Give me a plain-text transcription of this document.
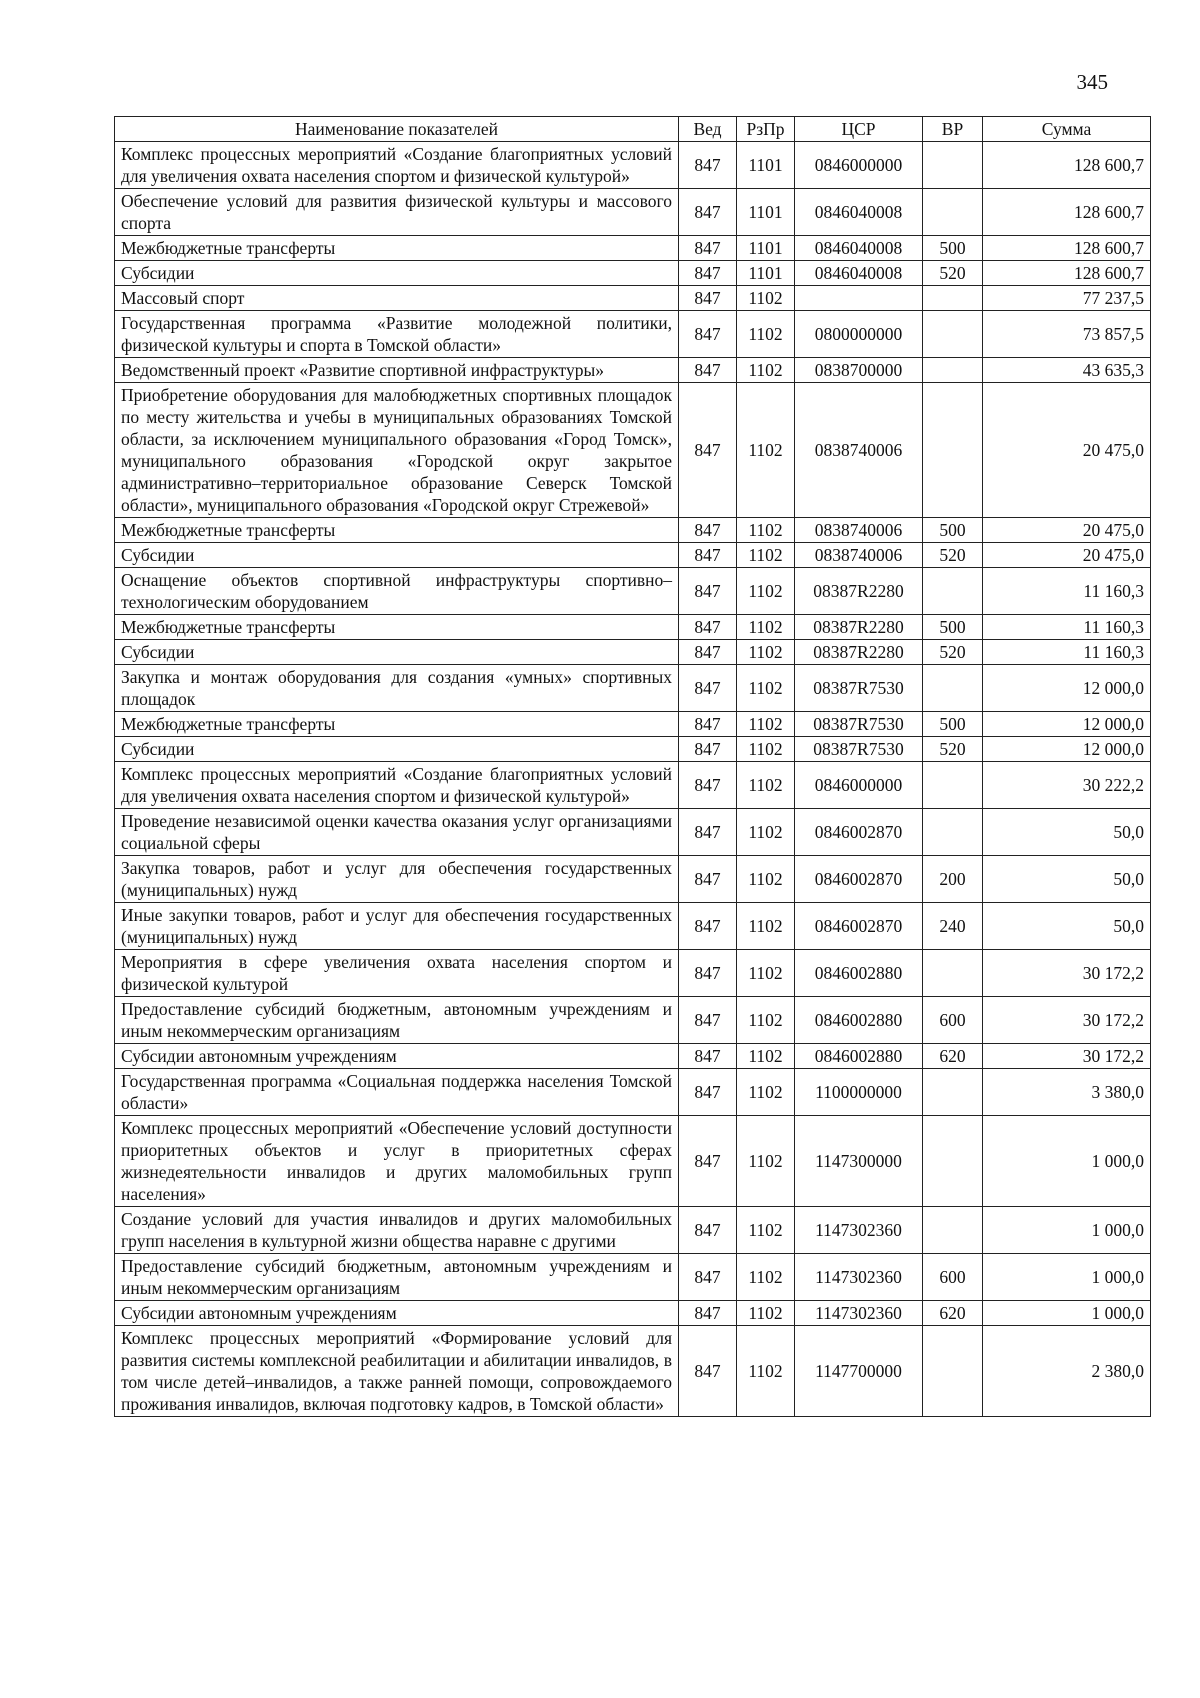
345
Наименование показателей	Вед	РзПр	ЦСР	ВР	Сумма
Комплекс процессных мероприятий «Создание благоприятных условий для увеличения охвата населения спортом и физической культурой»	847	1101	0846000000		128 600,7
Обеспечение условий для развития физической культуры и массового спорта	847	1101	0846040008		128 600,7
Межбюджетные трансферты	847	1101	0846040008	500	128 600,7
Субсидии	847	1101	0846040008	520	128 600,7
Массовый спорт	847	1102			77 237,5
Государственная программа «Развитие молодежной политики, физической культуры и спорта в Томской области»	847	1102	0800000000		73 857,5
Ведомственный проект «Развитие спортивной инфраструктуры»	847	1102	0838700000		43 635,3
Приобретение оборудования для малобюджетных спортивных площадок по месту жительства и учебы в муниципальных образованиях Томской области, за исключением муниципального образования «Город Томск», муниципального образования «Городской округ закрытое административно–территориальное образование Северск Томской области», муниципального образования «Городской округ Стрежевой»	847	1102	0838740006		20 475,0
Межбюджетные трансферты	847	1102	0838740006	500	20 475,0
Субсидии	847	1102	0838740006	520	20 475,0
Оснащение объектов спортивной инфраструктуры спортивно–технологическим оборудованием	847	1102	08387R2280		11 160,3
Межбюджетные трансферты	847	1102	08387R2280	500	11 160,3
Субсидии	847	1102	08387R2280	520	11 160,3
Закупка и монтаж оборудования для создания «умных» спортивных площадок	847	1102	08387R7530		12 000,0
Межбюджетные трансферты	847	1102	08387R7530	500	12 000,0
Субсидии	847	1102	08387R7530	520	12 000,0
Комплекс процессных мероприятий «Создание благоприятных условий для увеличения охвата населения спортом и физической культурой»	847	1102	0846000000		30 222,2
Проведение независимой оценки качества оказания услуг организациями социальной сферы	847	1102	0846002870		50,0
Закупка товаров, работ и услуг для обеспечения государственных (муниципальных) нужд	847	1102	0846002870	200	50,0
Иные закупки товаров, работ и услуг для обеспечения государственных (муниципальных) нужд	847	1102	0846002870	240	50,0
Мероприятия в сфере увеличения охвата населения спортом и физической культурой	847	1102	0846002880		30 172,2
Предоставление субсидий бюджетным, автономным учреждениям и иным некоммерческим организациям	847	1102	0846002880	600	30 172,2
Субсидии автономным учреждениям	847	1102	0846002880	620	30 172,2
Государственная программа «Социальная поддержка населения Томской области»	847	1102	1100000000		3 380,0
Комплекс процессных мероприятий «Обеспечение условий доступности приоритетных объектов и услуг в приоритетных сферах жизнедеятельности инвалидов и других маломобильных групп населения»	847	1102	1147300000		1 000,0
Создание условий для участия инвалидов и других маломобильных групп населения в культурной жизни общества наравне с другими	847	1102	1147302360		1 000,0
Предоставление субсидий бюджетным, автономным учреждениям и иным некоммерческим организациям	847	1102	1147302360	600	1 000,0
Субсидии автономным учреждениям	847	1102	1147302360	620	1 000,0
Комплекс процессных мероприятий «Формирование условий для развития системы комплексной реабилитации и абилитации инвалидов, в том числе детей–инвалидов, а также ранней помощи, сопровождаемого проживания инвалидов, включая подготовку кадров, в Томской области»	847	1102	1147700000		2 380,0
